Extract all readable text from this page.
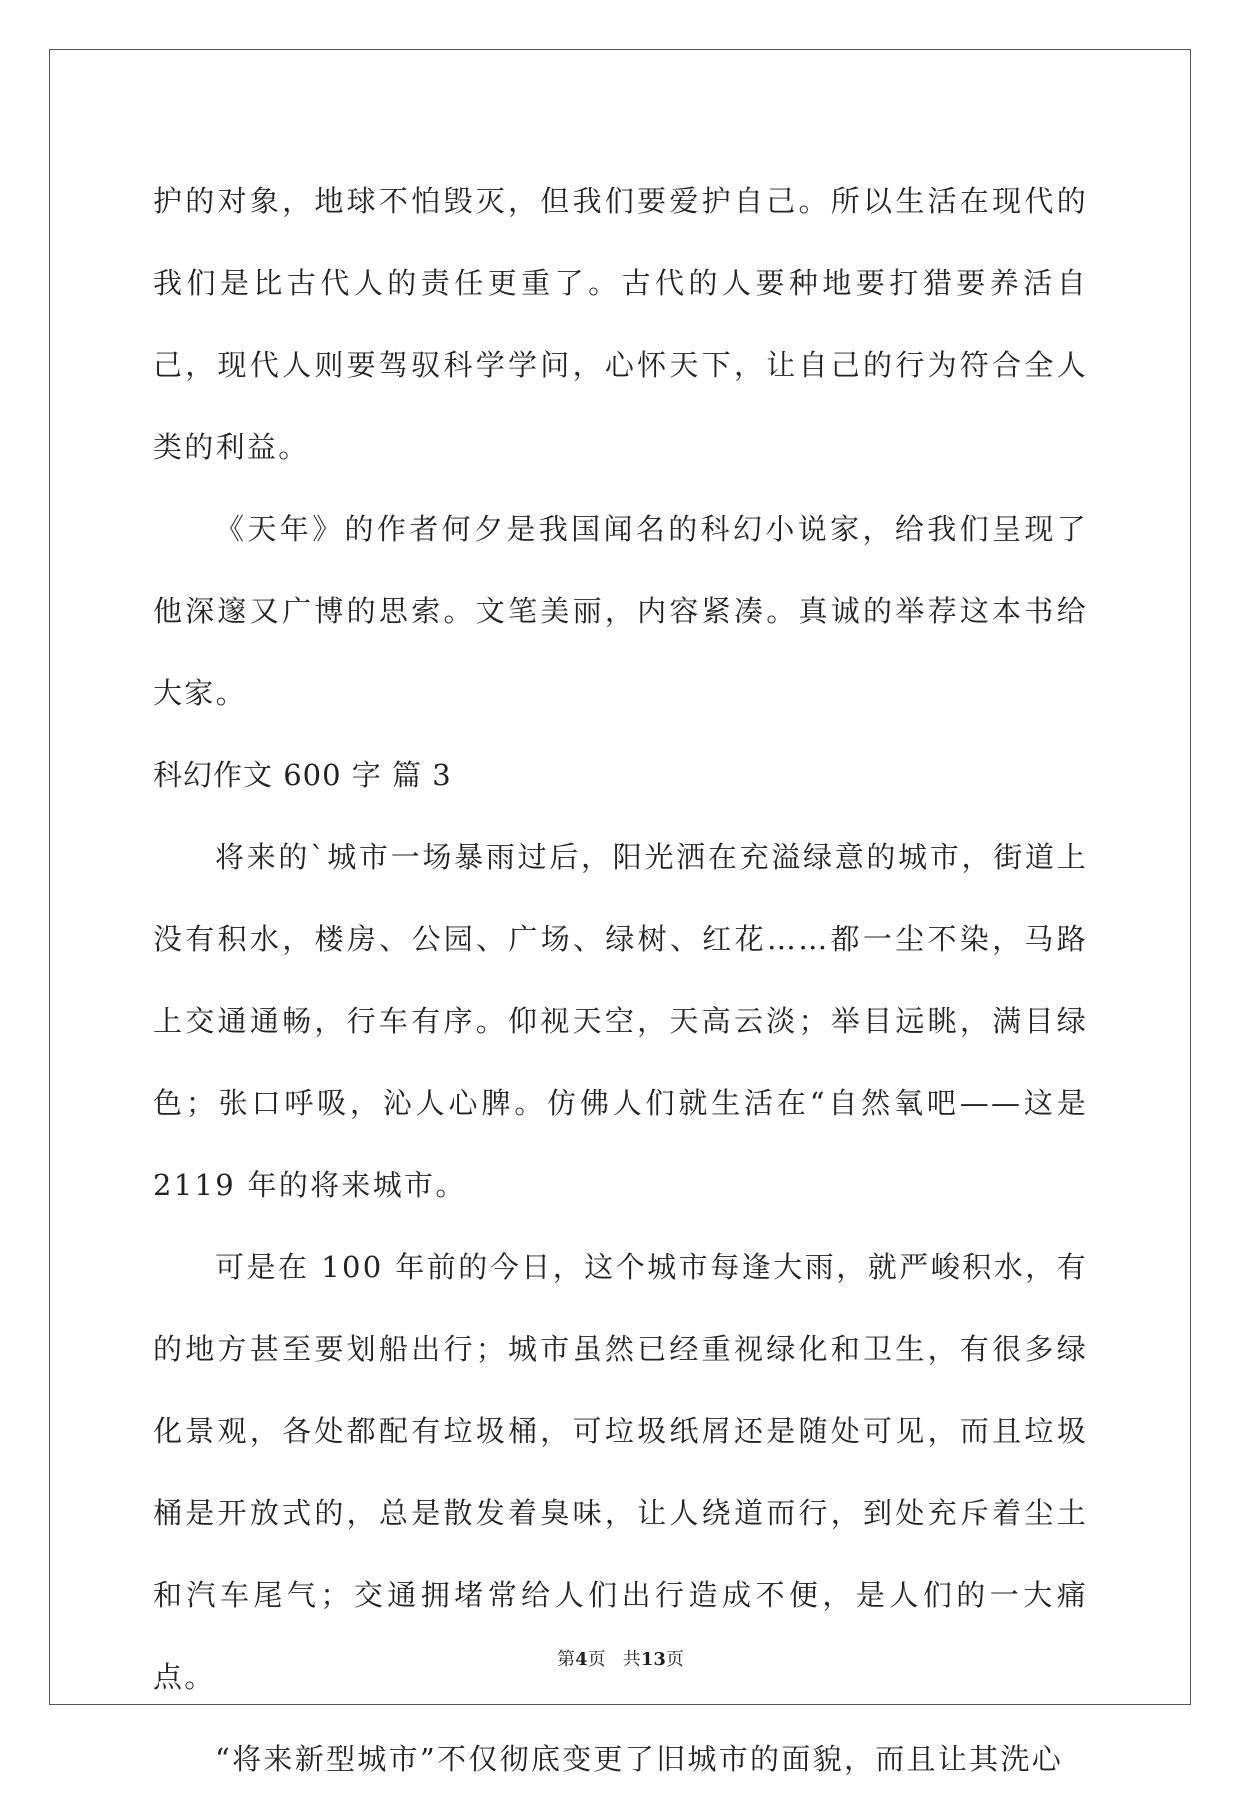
护的对象，地球不怕毁灭，但我们要爱护自己。所以生活在现代的我们是比古代人的责任更重了。古代的人要种地要打猎要养活自己，现代人则要驾驭科学学问，心怀天下，让自己的行为符合全人类的利益。

《天年》的作者何夕是我国闻名的科幻小说家，给我们呈现了他深邃又广博的思索。文笔美丽，内容紧凑。真诚的举荐这本书给大家。

科幻作文 600 字 篇 3

将来的`城市一场暴雨过后，阳光洒在充溢绿意的城市，街道上没有积水，楼房、公园、广场、绿树、红花……都一尘不染，马路上交通通畅，行车有序。仰视天空，天高云淡；举目远眺，满目绿色；张口呼吸，沁人心脾。仿佛人们就生活在“自然氧吧——这是 2119 年的将来城市。

可是在 100 年前的今日，这个城市每逢大雨，就严峻积水，有的地方甚至要划船出行；城市虽然已经重视绿化和卫生，有很多绿化景观，各处都配有垃圾桶，可垃圾纸屑还是随处可见，而且垃圾桶是开放式的，总是散发着臭味，让人绕道而行，到处充斥着尘土和汽车尾气；交通拥堵常给人们出行造成不便，是人们的一大痛点。

“将来新型城市”不仅彻底变更了旧城市的面貌，而且让其洗心

第4页   共13页
